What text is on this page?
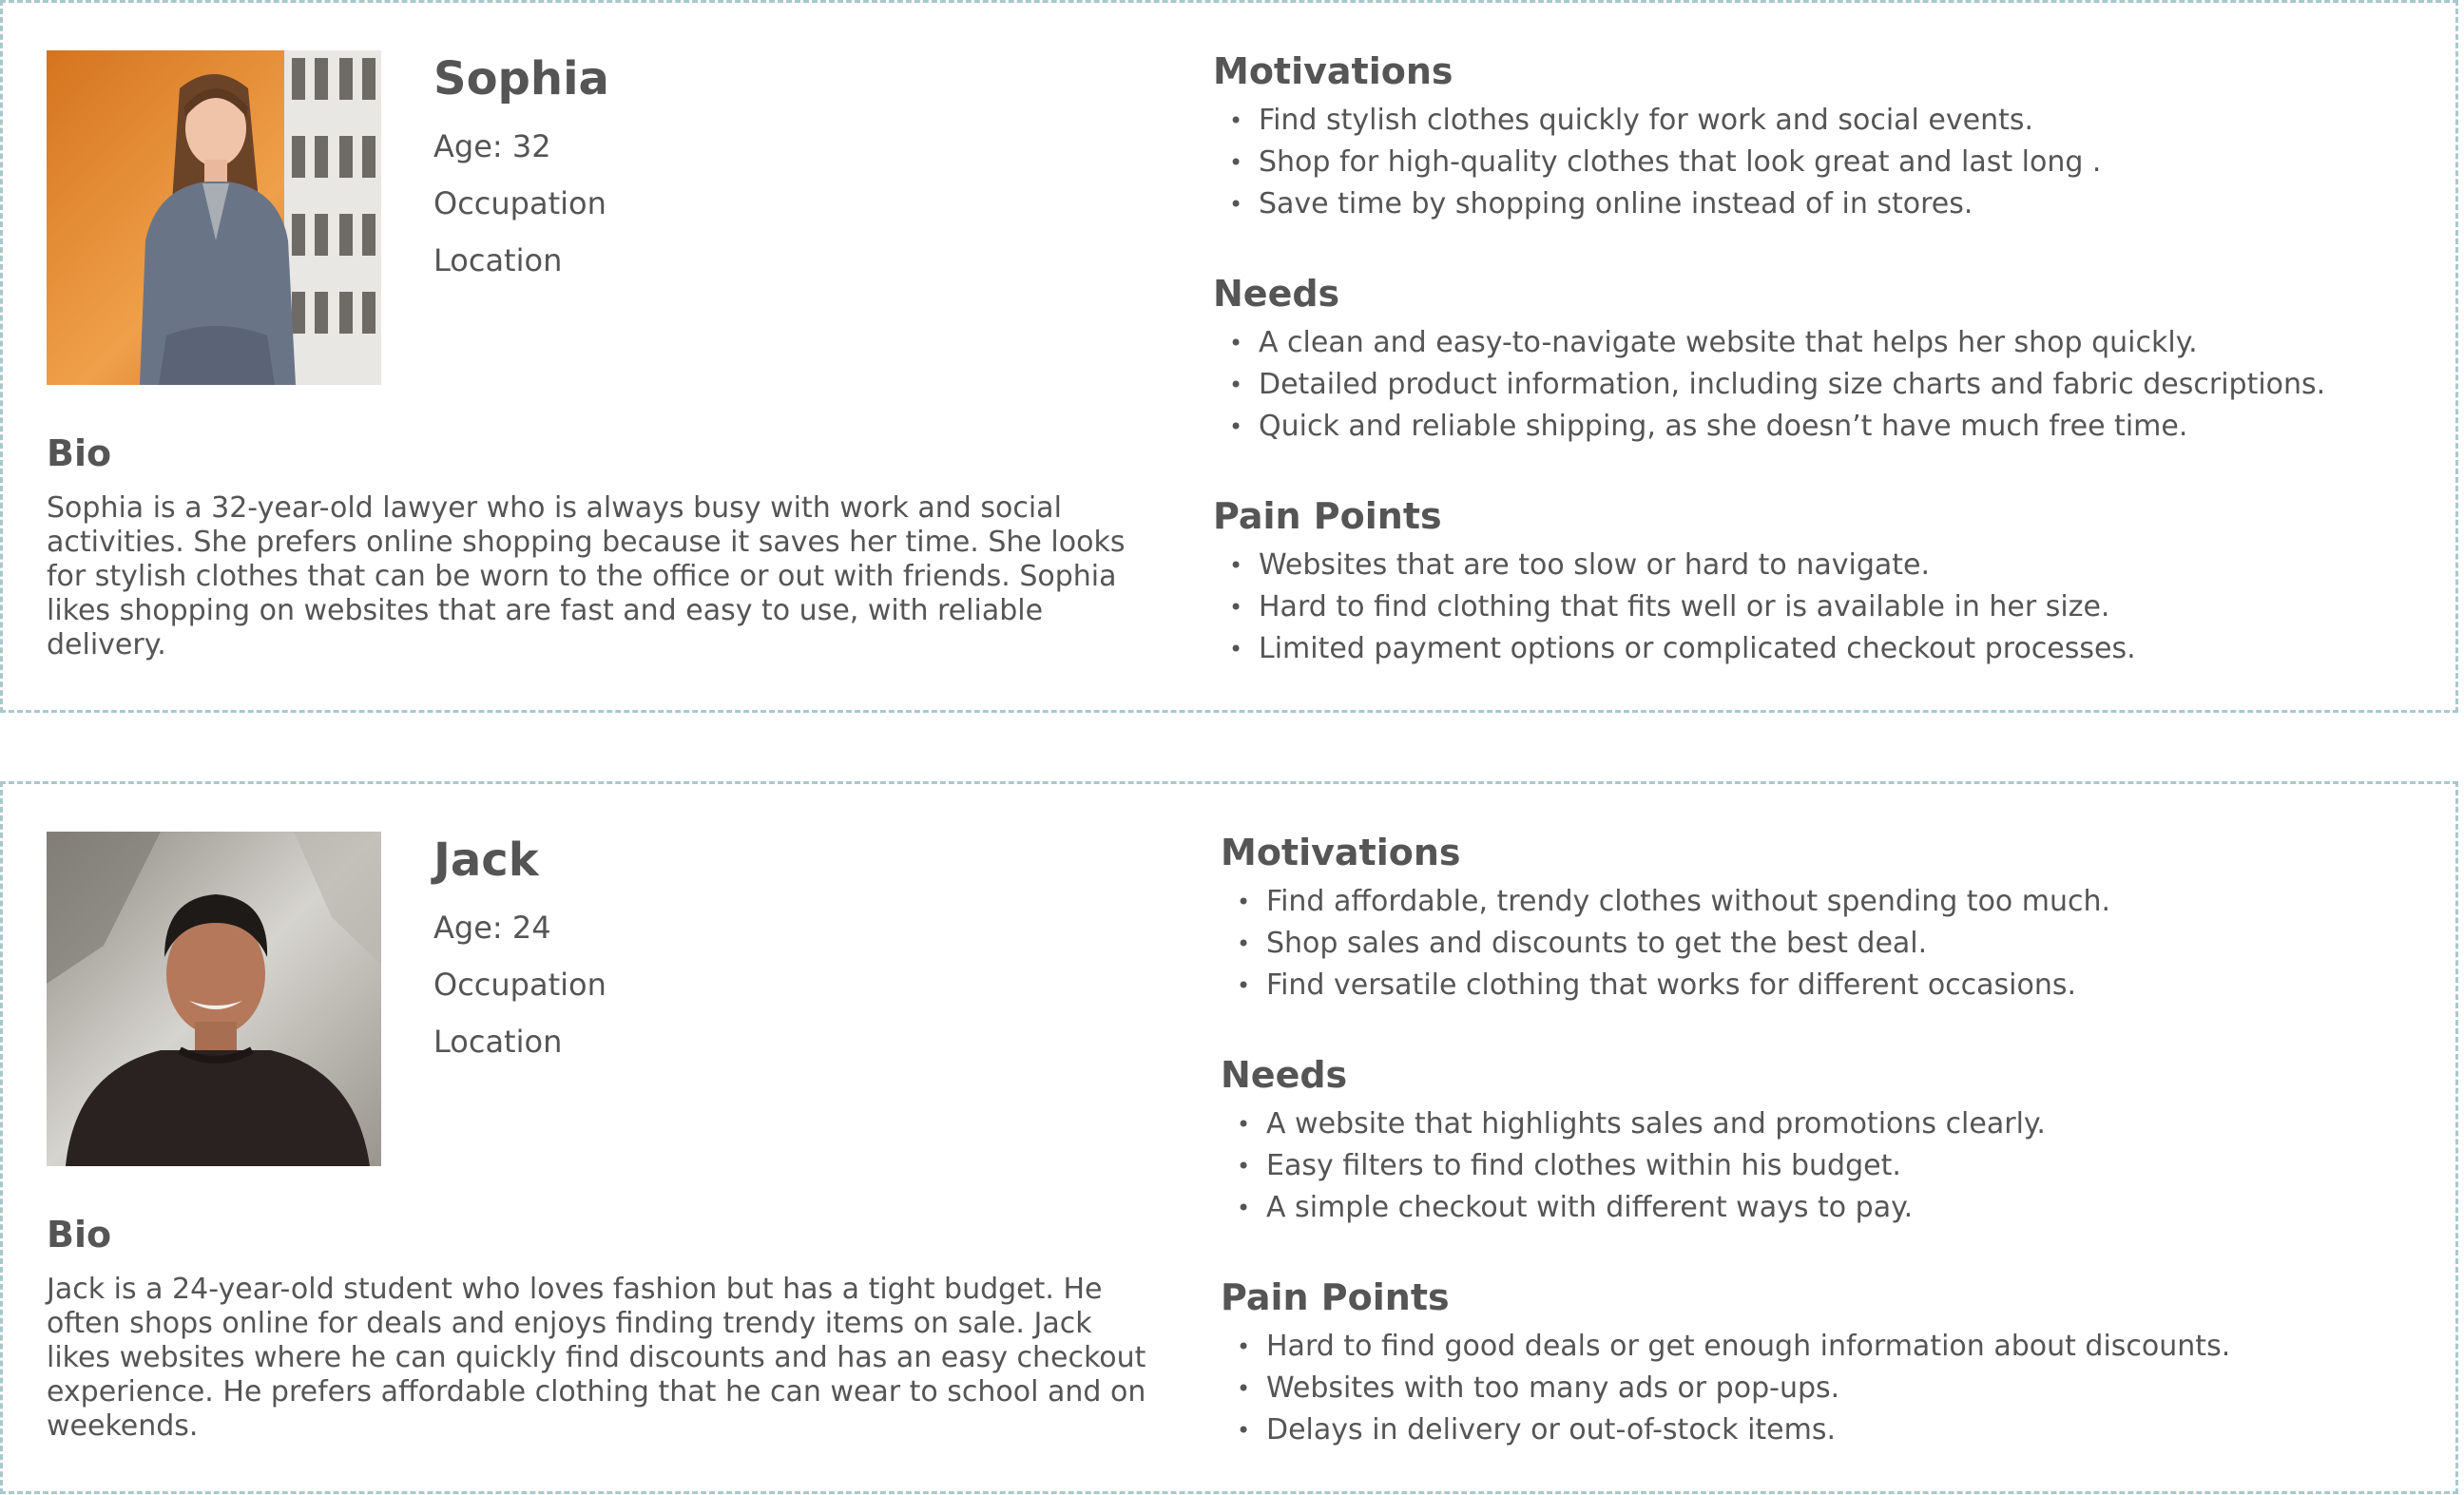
Sophia
Age: 32
Occupation
Location
Bio

Sophia is a 32-year-old lawyer who is always busy with work and social activities. She prefers online shopping because it saves her time. She looks for stylish clothes that can be worn to the office or out with friends. Sophia likes shopping on websites that are fast and easy to use, with reliable delivery.

Motivations
• Find stylish clothes quickly for work and social events.
• Shop for high-quality clothes that look great and last long .
• Save time by shopping online instead of in stores.
Needs
• A clean and easy-to-navigate website that helps her shop quickly.
• Detailed product information, including size charts and fabric descriptions.
• Quick and reliable shipping, as she doesn’t have much free time.
Pain Points
• Websites that are too slow or hard to navigate.
• Hard to find clothing that fits well or is available in her size.
• Limited payment options or complicated checkout processes.
Jack
Age: 24
Occupation
Location
Bio

Jack is a 24-year-old student who loves fashion but has a tight budget. He often shops online for deals and enjoys finding trendy items on sale. Jack likes websites where he can quickly find discounts and has an easy checkout experience. He prefers affordable clothing that he can wear to school and on weekends.

Motivations
• Find affordable, trendy clothes without spending too much.
• Shop sales and discounts to get the best deal.
• Find versatile clothing that works for different occasions.
Needs
• A website that highlights sales and promotions clearly.
• Easy filters to find clothes within his budget.
• A simple checkout with different ways to pay.
Pain Points
• Hard to find good deals or get enough information about discounts.
• Websites with too many ads or pop-ups.
• Delays in delivery or out-of-stock items.
